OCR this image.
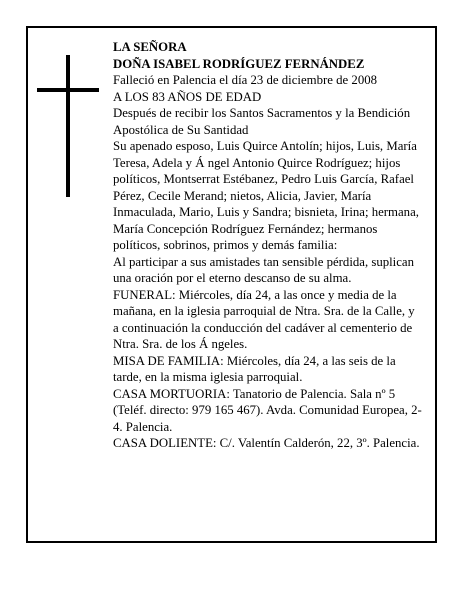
LA SEÑORA

DOÑA ISABEL RODRÍGUEZ FERNÁNDEZ

Falleció en Palencia el día 23 de diciembre de 2008

A LOS 83 AÑOS DE EDAD

Después de recibir los Santos Sacramentos y la Bendición Apostólica de Su Santidad

Su apenado esposo, Luis Quirce Antolín; hijos, Luis, María Teresa, Adela y Á ngel Antonio Quirce Rodríguez; hijos políticos, Montserrat Estébanez, Pedro Luis García, Rafael Pérez, Cecile Merand; nietos, Alicia, Javier, María Inmaculada, Mario, Luis y Sandra; bisnieta, Irina; hermana, María Concepción Rodríguez Fernández; hermanos políticos, sobrinos, primos y demás familia:

Al participar a sus amistades tan sensible pérdida, suplican una oración por el eterno descanso de su alma.

FUNERAL: Miércoles, día 24, a las once y media de la mañana, en la iglesia parroquial de Ntra. Sra. de la Calle, y a continuación la conducción del cadáver al cementerio de Ntra. Sra. de los Á ngeles.

MISA DE FAMILIA: Miércoles, día 24, a las seis de la tarde, en la misma iglesia parroquial.

CASA MORTUORIA: Tanatorio de Palencia. Sala nº 5 (Teléf. directo: 979 165 467). Avda. Comunidad Europea, 2-4. Palencia.

CASA DOLIENTE: C/. Valentín Calderón, 22, 3º. Palencia.
